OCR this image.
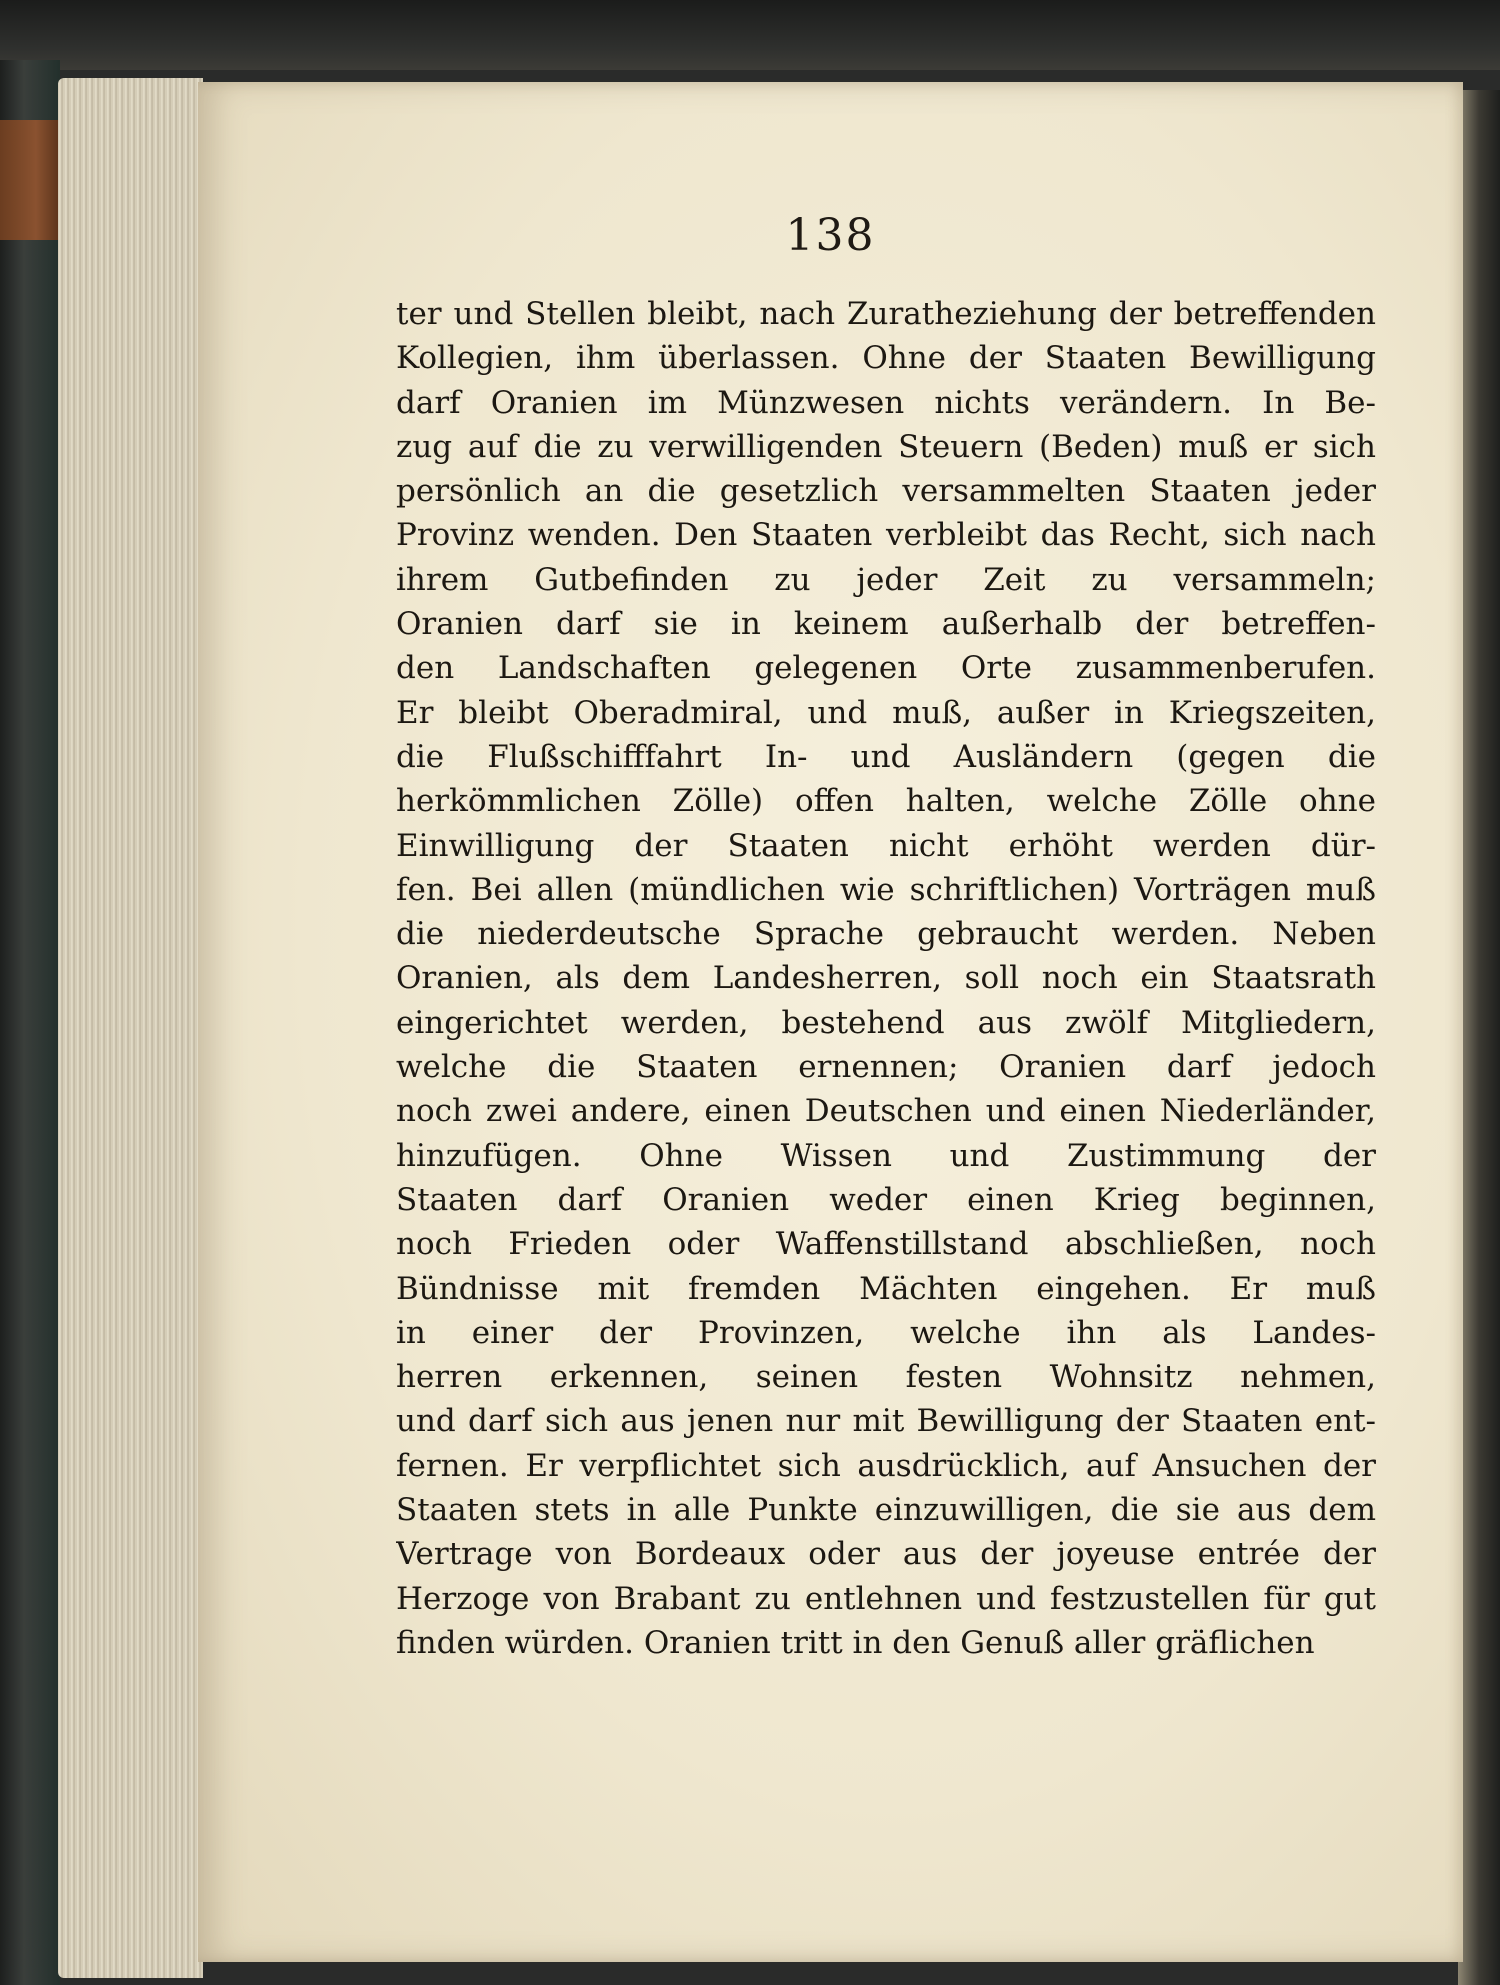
138
ter und Stellen bleibt, nach Zuratheziehung der betreffenden
Kollegien, ihm überlassen. Ohne der Staaten Bewilligung
darf Oranien im Münzwesen nichts verändern. In Be-
zug auf die zu verwilligenden Steuern (Beden) muß er sich
persönlich an die gesetzlich versammelten Staaten jeder
Provinz wenden. Den Staaten verbleibt das Recht, sich nach
ihrem Gutbefinden zu jeder Zeit zu versammeln;
Oranien darf sie in keinem außerhalb der betreffen-
den Landschaften gelegenen Orte zusammenberufen.
Er bleibt Oberadmiral, und muß, außer in Kriegszeiten,
die Flußschifffahrt In- und Ausländern (gegen die
herkömmlichen Zölle) offen halten, welche Zölle ohne
Einwilligung der Staaten nicht erhöht werden dür-
fen. Bei allen (mündlichen wie schriftlichen) Vorträgen muß
die niederdeutsche Sprache gebraucht werden. Neben
Oranien, als dem Landesherren, soll noch ein Staatsrath
eingerichtet werden, bestehend aus zwölf Mitgliedern,
welche die Staaten ernennen; Oranien darf jedoch
noch zwei andere, einen Deutschen und einen Niederländer,
hinzufügen. Ohne Wissen und Zustimmung der
Staaten darf Oranien weder einen Krieg beginnen,
noch Frieden oder Waffenstillstand abschließen, noch
Bündnisse mit fremden Mächten eingehen. Er muß
in einer der Provinzen, welche ihn als Landes-
herren erkennen, seinen festen Wohnsitz nehmen,
und darf sich aus jenen nur mit Bewilligung der Staaten ent-
fernen. Er verpflichtet sich ausdrücklich, auf Ansuchen der
Staaten stets in alle Punkte einzuwilligen, die sie aus dem
Vertrage von Bordeaux oder aus der joyeuse entrée der
Herzoge von Brabant zu entlehnen und festzustellen für gut
finden würden. Oranien tritt in den Genuß aller gräflichen
